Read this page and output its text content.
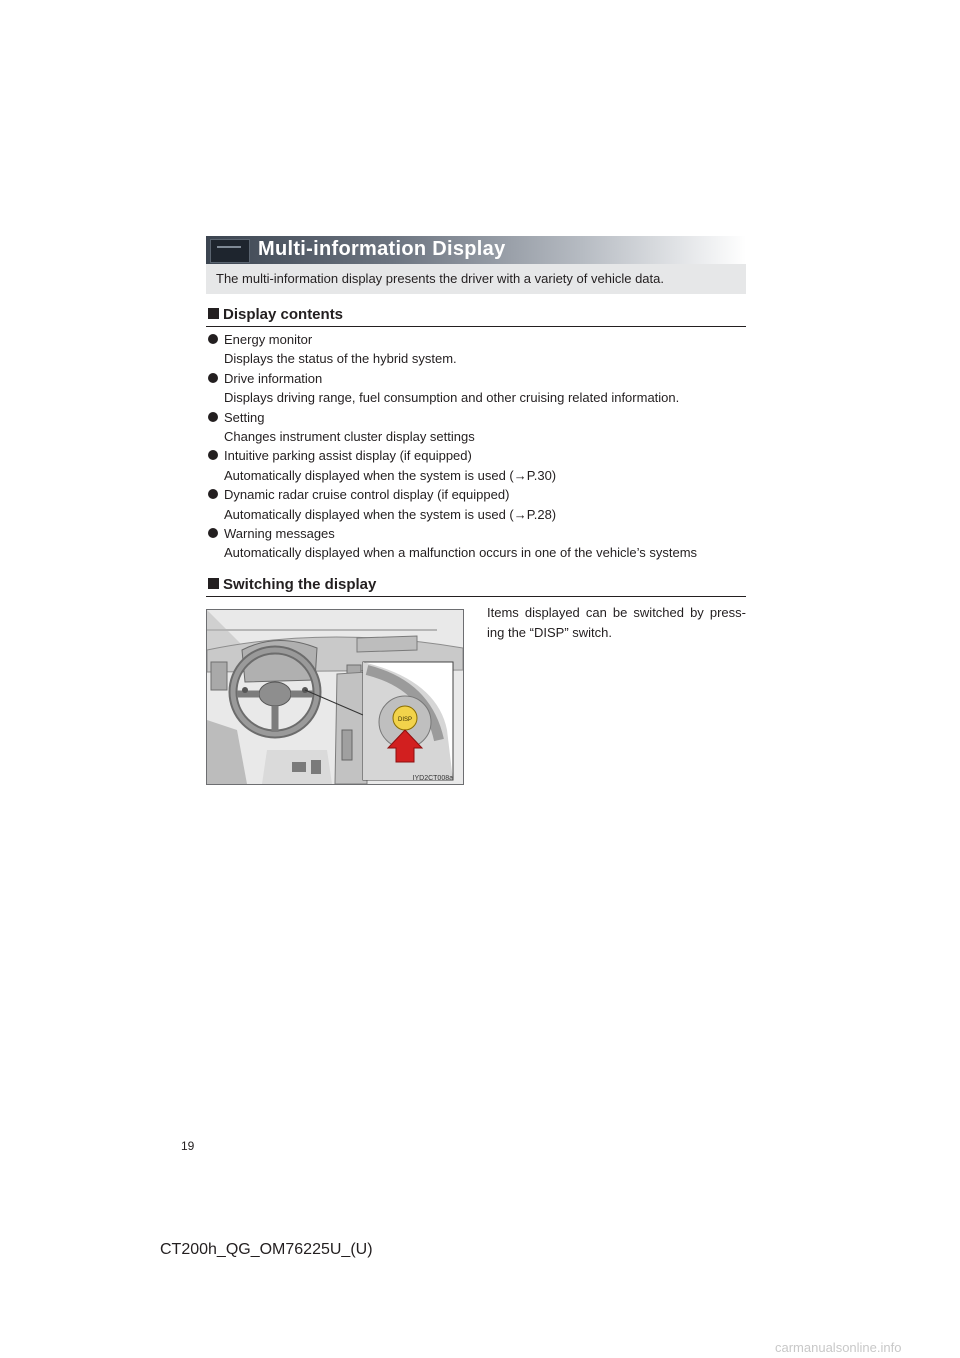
Multi-information Display
The multi-information display presents the driver with a variety of vehicle data.
Display contents
Energy monitor
Displays the status of the hybrid system.
Drive information
Displays driving range, fuel consumption and other cruising related information.
Setting
Changes instrument cluster display settings
Intuitive parking assist display (if equipped)
Automatically displayed when the system is used (→P.30)
Dynamic radar cruise control display (if equipped)
Automatically displayed when the system is used (→P.28)
Warning messages
Automatically displayed when a malfunction occurs in one of the vehicle’s systems
Switching the display
DISP
IYD2CT008a
Items displayed can be switched by press-ing the “DISP” switch.
19
CT200h_QG_OM76225U_(U)
carmanualsonline.info
